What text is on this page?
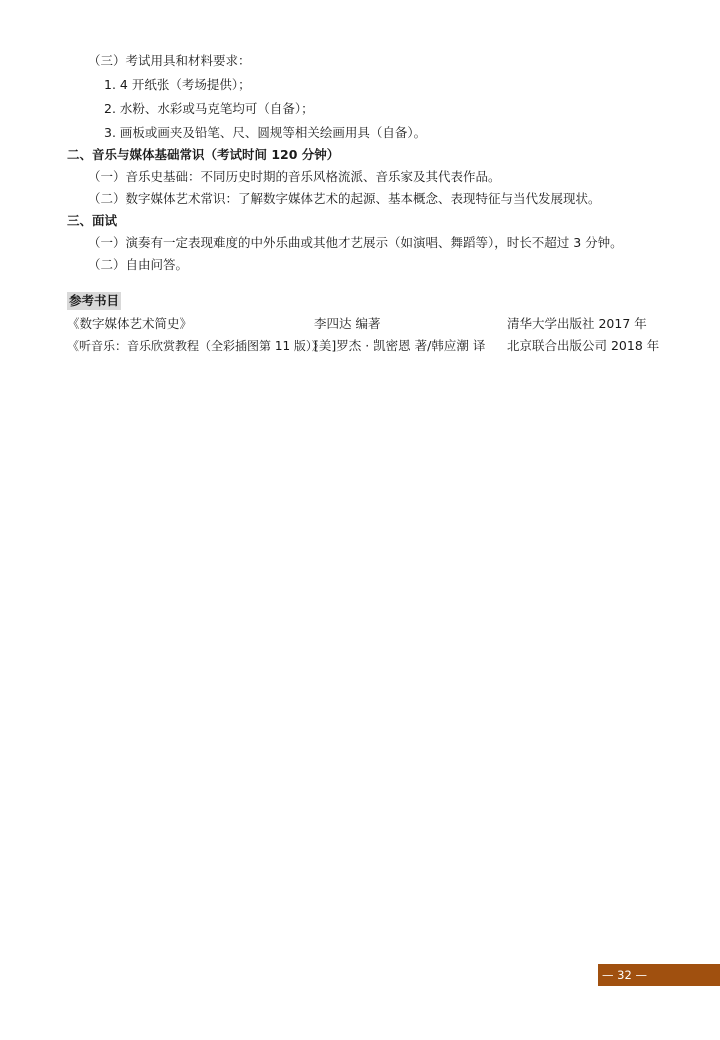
（三）考试用具和材料要求：
1. 4 开纸张（考场提供）；
2. 水粉、水彩或马克笔均可（自备）；
3. 画板或画夹及铅笔、尺、圆规等相关绘画用具（自备）。
二、音乐与媒体基础常识（考试时间 120 分钟）
（一）音乐史基础：不同历史时期的音乐风格流派、音乐家及其代表作品。
（二）数字媒体艺术常识：了解数字媒体艺术的起源、基本概念、表现特征与当代发展现状。
三、面试
（一）演奏有一定表现难度的中外乐曲或其他才艺展示（如演唱、舞蹈等），时长不超过 3 分钟。
（二）自由问答。
参考书目
《数字媒体艺术简史》	李四达 编著	清华大学出版社 2017 年
《听音乐：音乐欣赏教程（全彩插图第 11 版）》
[美]罗杰 · 凯密恩 著/韩应潮 译 北京联合出版公司 2018 年
— 32 —
